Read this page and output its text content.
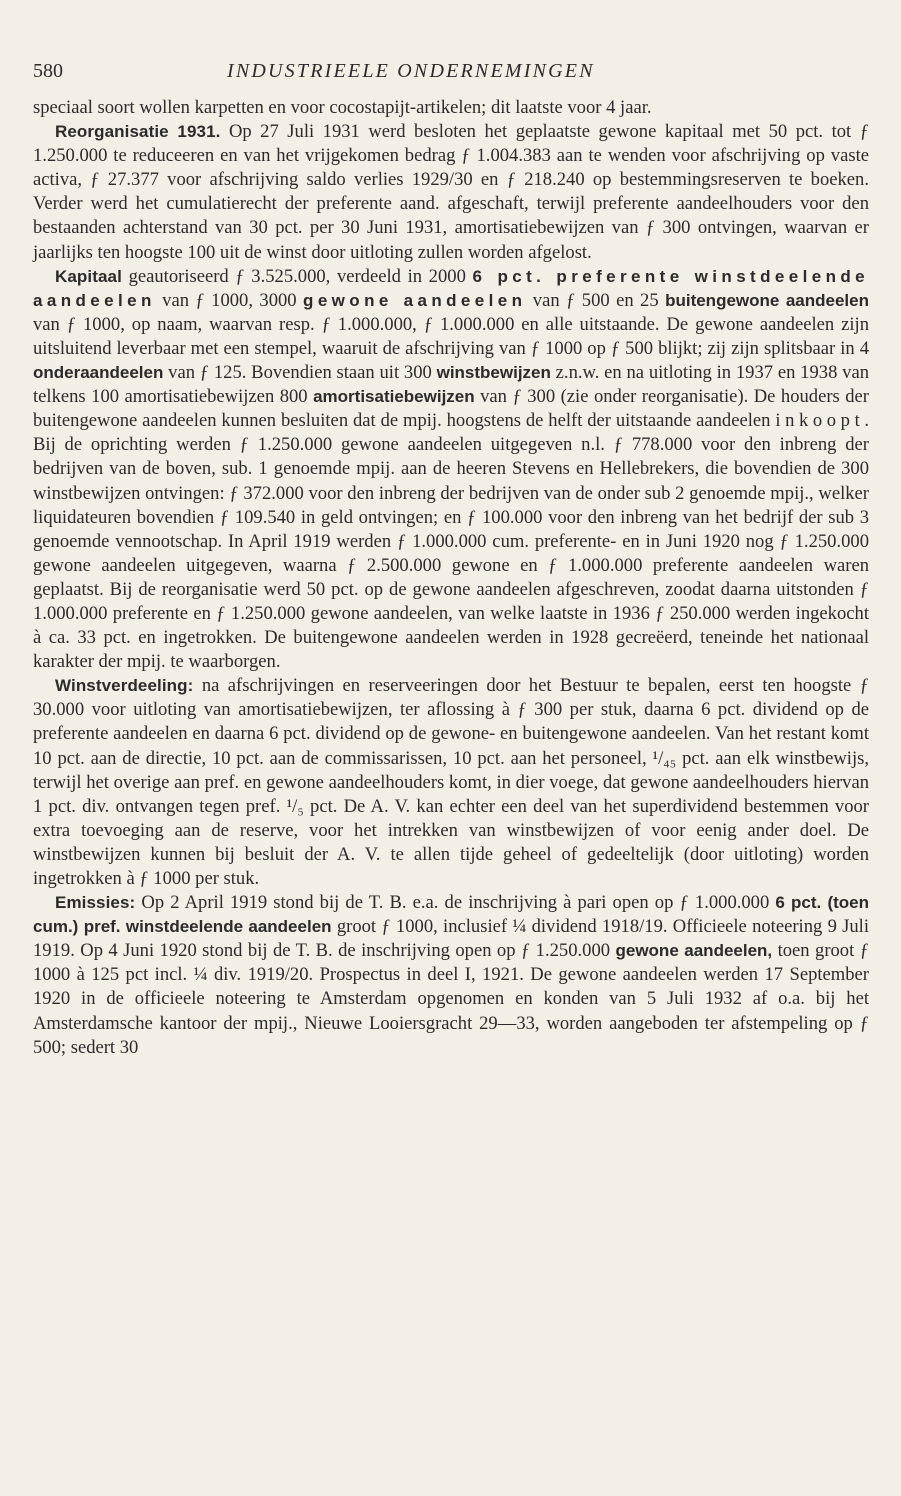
580	INDUSTRIEELE ONDERNEMINGEN

speciaal soort wollen karpetten en voor cocostapijt-artikelen; dit laatste voor 4 jaar.

Reorganisatie 1931. Op 27 Juli 1931 werd besloten het geplaatste gewone kapitaal met 50 pct. tot ƒ 1.250.000 te reduceeren en van het vrijgekomen bedrag ƒ 1.004.383 aan te wenden voor afschrijving op vaste activa, ƒ 27.377 voor afschrijving saldo verlies 1929/30 en ƒ 218.240 op bestemmingsreserven te boeken. Verder werd het cumulatierecht der preferente aand. afgeschaft, terwijl preferente aandeelhouders voor den bestaanden achterstand van 30 pct. per 30 Juni 1931, amortisatiebewijzen van ƒ 300 ontvingen, waarvan er jaarlijks ten hoogste 100 uit de winst door uitloting zullen worden afgelost.

Kapitaal geautoriseerd ƒ 3.525.000, verdeeld in 2000 6 pct. preferente winstdeelende aandeelen van ƒ 1000, 3000 gewone aandeelen van ƒ 500 en 25 buitengewone aandeelen van ƒ 1000, op naam, waarvan resp. ƒ 1.000.000, ƒ 1.000.000 en alle uitstaande. De gewone aandeelen zijn uitsluitend leverbaar met een stempel, waaruit de afschrijving van ƒ 1000 op ƒ 500 blijkt; zij zijn splitsbaar in 4 onderaandeelen van ƒ 125. Bovendien staan uit 300 winstbewijzen z.n.w. en na uitloting in 1937 en 1938 van telkens 100 amortisatiebewijzen 800 amortisatiebewijzen van ƒ 300 (zie onder reorganisatie). De houders der buitengewone aandeelen kunnen besluiten dat de mpij. hoogstens de helft der uitstaande aandeelen inkoopt. Bij de oprichting werden ƒ 1.250.000 gewone aandeelen uitgegeven n.l. ƒ 778.000 voor den inbreng der bedrijven van de boven, sub. 1 genoemde mpij. aan de heeren Stevens en Hellebrekers, die bovendien de 300 winstbewijzen ontvingen: ƒ 372.000 voor den inbreng der bedrijven van de onder sub 2 genoemde mpij., welker liquidateuren bovendien ƒ 109.540 in geld ontvingen; en ƒ 100.000 voor den inbreng van het bedrijf der sub 3 genoemde vennootschap. In April 1919 werden ƒ 1.000.000 cum. preferente- en in Juni 1920 nog ƒ 1.250.000 gewone aandeelen uitgegeven, waarna ƒ 2.500.000 gewone en ƒ 1.000.000 preferente aandeelen waren geplaatst. Bij de reorganisatie werd 50 pct. op de gewone aandeelen afgeschreven, zoodat daarna uitstonden ƒ 1.000.000 preferente en ƒ 1.250.000 gewone aandeelen, van welke laatste in 1936 ƒ 250.000 werden ingekocht à ca. 33 pct. en ingetrokken. De buitengewone aandeelen werden in 1928 gecreëerd, teneinde het nationaal karakter der mpij. te waarborgen.

Winstverdeeling: na afschrijvingen en reserveeringen door het Bestuur te bepalen, eerst ten hoogste ƒ 30.000 voor uitloting van amortisatiebewijzen, ter aflossing à ƒ 300 per stuk, daarna 6 pct. dividend op de preferente aandeelen en daarna 6 pct. dividend op de gewone- en buitengewone aandeelen. Van het restant komt 10 pct. aan de directie, 10 pct. aan de commissarissen, 10 pct. aan het personeel, ¹/₄₅ pct. aan elk winstbewijs, terwijl het overige aan pref. en gewone aandeelhouders komt, in dier voege, dat gewone aandeelhouders hiervan 1 pct. div. ontvangen tegen pref. ¹/₅ pct. De A. V. kan echter een deel van het superdividend bestemmen voor extra toevoeging aan de reserve, voor het intrekken van winstbewijzen of voor eenig ander doel. De winstbewijzen kunnen bij besluit der A. V. te allen tijde geheel of gedeeltelijk (door uitloting) worden ingetrokken à ƒ 1000 per stuk.

Emissies: Op 2 April 1919 stond bij de T. B. e.a. de inschrijving à pari open op ƒ 1.000.000 6 pct. (toen cum.) pref. winstdeelende aandeelen groot ƒ 1000, inclusief ¼ dividend 1918/19. Officieele noteering 9 Juli 1919. Op 4 Juni 1920 stond bij de T. B. de inschrijving open op ƒ 1.250.000 gewone aandeelen, toen groot ƒ 1000 à 125 pct incl. ¼ div. 1919/20. Prospectus in deel I, 1921. De gewone aandeelen werden 17 September 1920 in de officieele noteering te Amsterdam opgenomen en konden van 5 Juli 1932 af o.a. bij het Amsterdamsche kantoor der mpij., Nieuwe Looiersgracht 29—33, worden aangeboden ter afstempeling op ƒ 500; sedert 30
